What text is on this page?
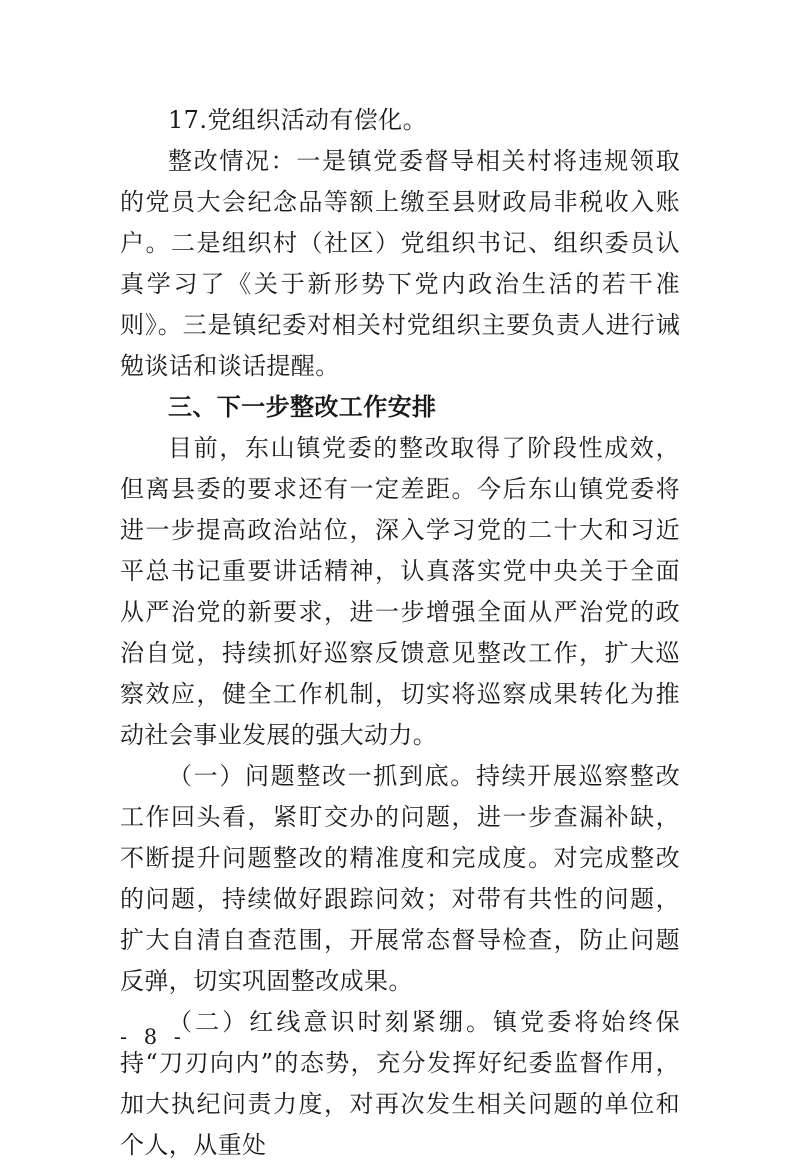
17.党组织活动有偿化。

整改情况：一是镇党委督导相关村将违规领取的党员大会纪念品等额上缴至县财政局非税收入账户。二是组织村（社区）党组织书记、组织委员认真学习了《关于新形势下党内政治生活的若干准则》。三是镇纪委对相关村党组织主要负责人进行诫勉谈话和谈话提醒。

三、下一步整改工作安排

目前，东山镇党委的整改取得了阶段性成效，但离县委的要求还有一定差距。今后东山镇党委将进一步提高政治站位，深入学习党的二十大和习近平总书记重要讲话精神，认真落实党中央关于全面从严治党的新要求，进一步增强全面从严治党的政治自觉，持续抓好巡察反馈意见整改工作，扩大巡察效应，健全工作机制，切实将巡察成果转化为推动社会事业发展的强大动力。

（一）问题整改一抓到底。持续开展巡察整改工作回头看，紧盯交办的问题，进一步查漏补缺，不断提升问题整改的精准度和完成度。对完成整改的问题，持续做好跟踪问效；对带有共性的问题，扩大自清自查范围，开展常态督导检查，防止问题反弹，切实巩固整改成果。

（二）红线意识时刻紧绷。镇党委将始终保持“刀刃向内”的态势，充分发挥好纪委监督作用，加大执纪问责力度，对再次发生相关问题的单位和个人，从重处

- 8 -
